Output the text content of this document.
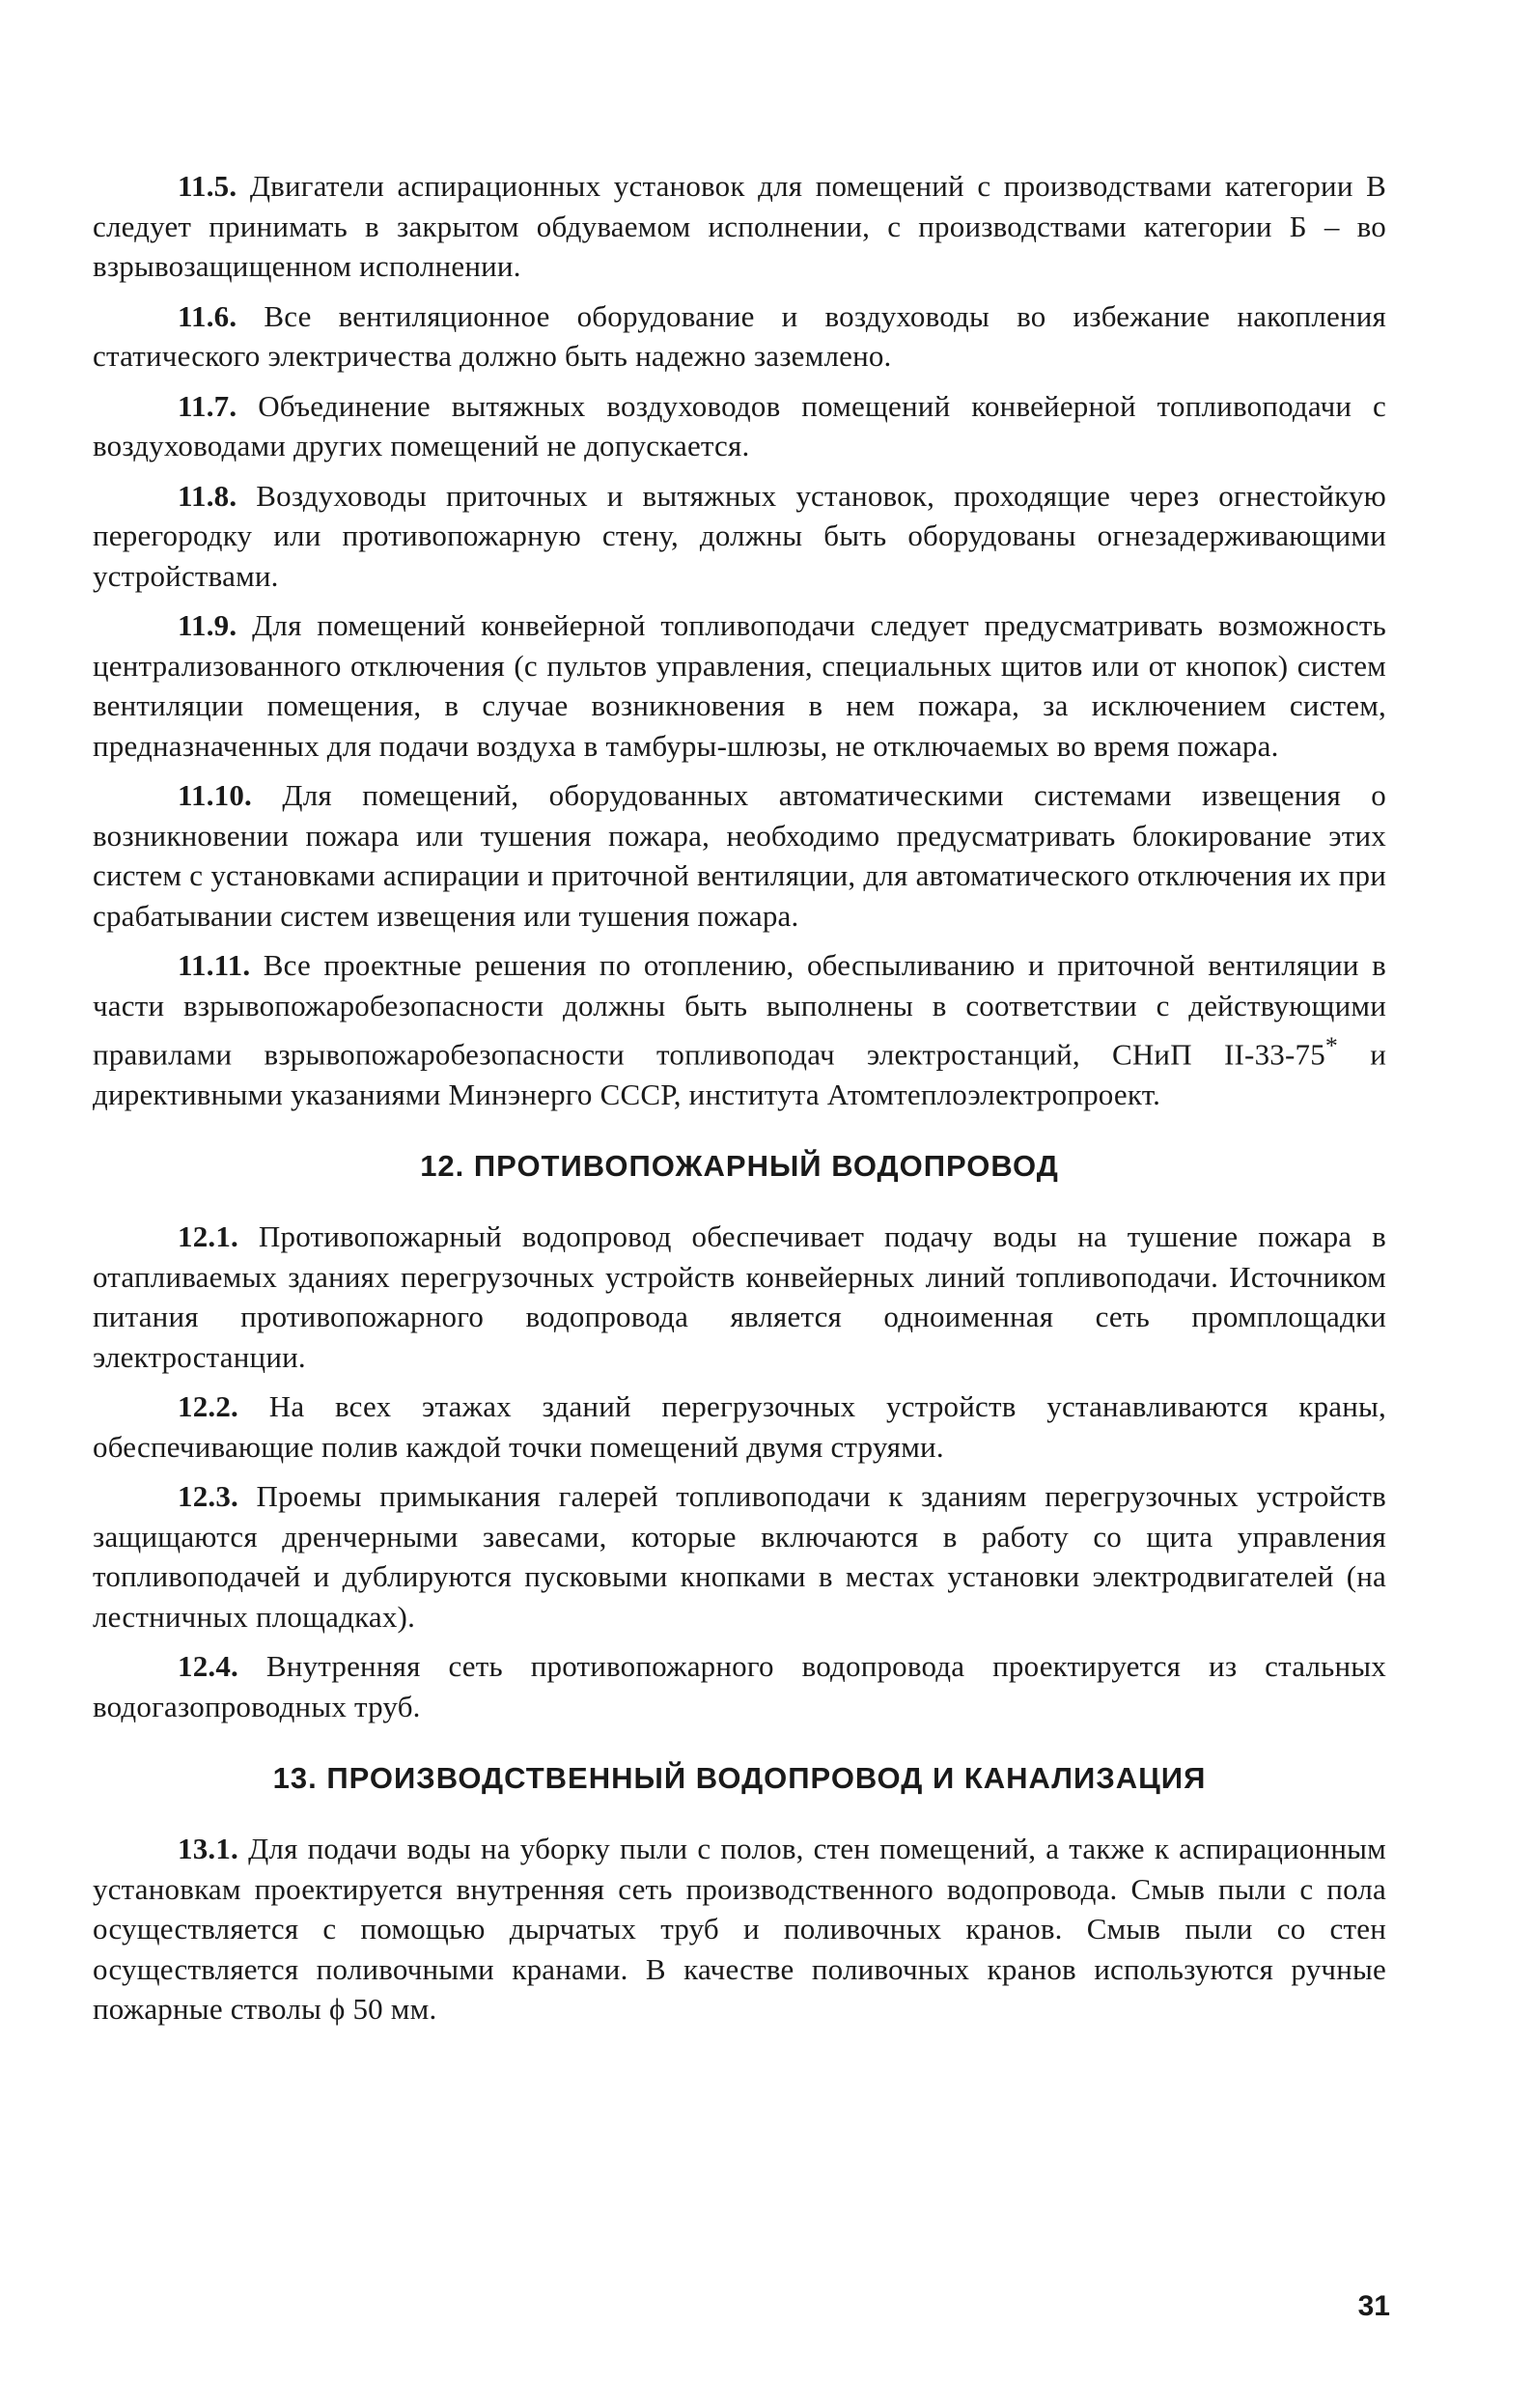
11.5. Двигатели аспирационных установок для помещений с производствами категории В следует принимать в закрытом обдуваемом исполнении, с производствами категории Б – во взрывозащищенном исполнении.

11.6. Все вентиляционное оборудование и воздуховоды во избежание накопления статического электричества должно быть надежно заземлено.

11.7. Объединение вытяжных воздуховодов помещений конвейерной топливоподачи с воздуховодами других помещений не допускается.

11.8. Воздуховоды приточных и вытяжных установок, проходящие через огнестойкую перегородку или противопожарную стену, должны быть оборудованы огнезадерживающими устройствами.

11.9. Для помещений конвейерной топливоподачи следует предусматривать возможность централизованного отключения (с пультов управления, специальных щитов или от кнопок) систем вентиляции помещения, в случае возникновения в нем пожара, за исключением систем, предназначенных для подачи воздуха в тамбуры-шлюзы, не отключаемых во время пожара.

11.10. Для помещений, оборудованных автоматическими системами извещения о возникновении пожара или тушения пожара, необходимо предусматривать блокирование этих систем с установками аспирации и приточной вентиляции, для автоматического отключения их при срабатывании систем извещения или тушения пожара.

11.11. Все проектные решения по отоплению, обеспыливанию и приточной вентиляции в части взрывопожаробезопасности должны быть выполнены в соответствии с действующими правилами взрывопожаробезопасности топливоподач электростанций, СНиП II-33-75* и директивными указаниями Минэнерго СССР, института Атомтеплоэлектропроект.

12. ПРОТИВОПОЖАРНЫЙ ВОДОПРОВОД

12.1. Противопожарный водопровод обеспечивает подачу воды на тушение пожара в отапливаемых зданиях перегрузочных устройств конвейерных линий топливоподачи. Источником питания противопожарного водопровода является одноименная сеть промплощадки электростанции.

12.2. На всех этажах зданий перегрузочных устройств устанавливаются краны, обеспечивающие полив каждой точки помещений двумя струями.

12.3. Проемы примыкания галерей топливоподачи к зданиям перегрузочных устройств защищаются дренчерными завесами, которые включаются в работу со щита управления топливоподачей и дублируются пусковыми кнопками в местах установки электродвигателей (на лестничных площадках).

12.4. Внутренняя сеть противопожарного водопровода проектируется из стальных водогазопроводных труб.

13. ПРОИЗВОДСТВЕННЫЙ ВОДОПРОВОД И КАНАЛИЗАЦИЯ

13.1. Для подачи воды на уборку пыли с полов, стен помещений, а также к аспирационным установкам проектируется внутренняя сеть производственного водопровода. Смыв пыли с пола осуществляется с помощью дырчатых труб и поливочных кранов. Смыв пыли со стен осуществляется поливочными кранами. В качестве поливочных кранов используются ручные пожарные стволы ϕ 50 мм.

31
